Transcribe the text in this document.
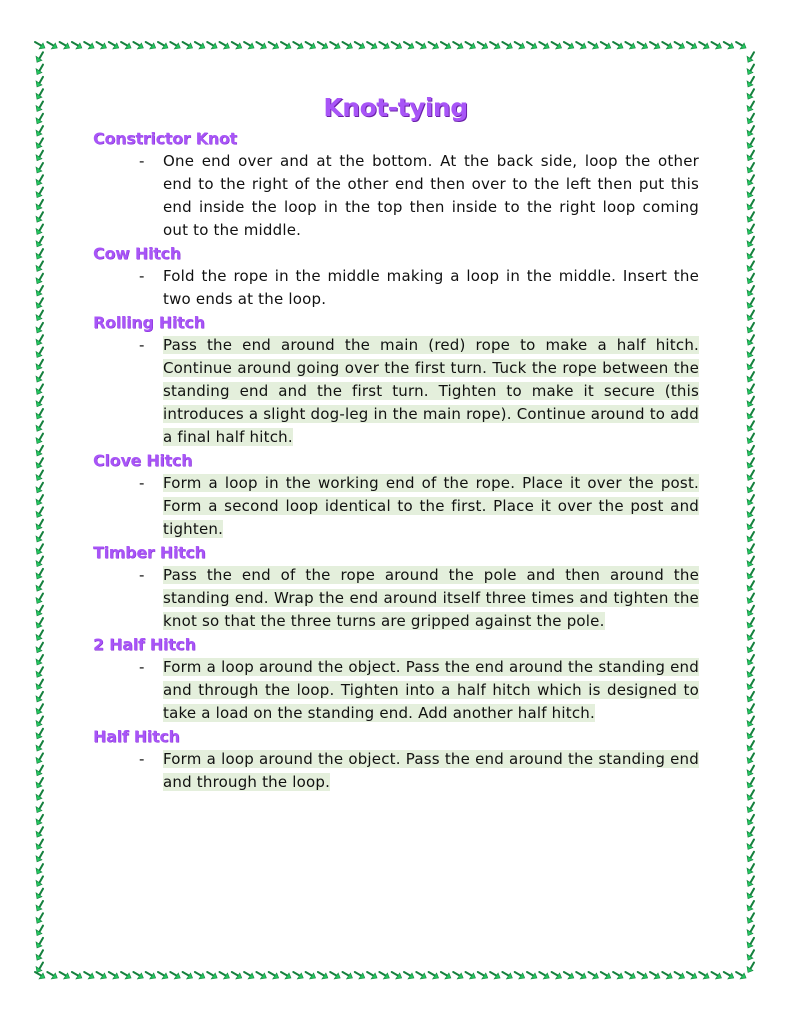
Knot-tying
Constrictor Knot
- One end over and at the bottom. At the back side, loop the other end to the right of the other end then over to the left then put this end inside the loop in the top then inside to the right loop coming out to the middle.
Cow Hitch
- Fold the rope in the middle making a loop in the middle. Insert the two ends at the loop.
Rolling Hitch
- Pass the end around the main (red) rope to make a half hitch. Continue around going over the first turn. Tuck the rope between the standing end and the first turn. Tighten to make it secure (this introduces a slight dog-leg in the main rope). Continue around to add a final half hitch.
Clove Hitch
- Form a loop in the working end of the rope. Place it over the post. Form a second loop identical to the first. Place it over the post and tighten.
Timber Hitch
- Pass the end of the rope around the pole and then around the standing end. Wrap the end around itself three times and tighten the knot so that the three turns are gripped against the pole.
2 Half Hitch
- Form a loop around the object. Pass the end around the standing end and through the loop. Tighten into a half hitch which is designed to take a load on the standing end. Add another half hitch.
Half Hitch
- Form a loop around the object. Pass the end around the standing end and through the loop.
